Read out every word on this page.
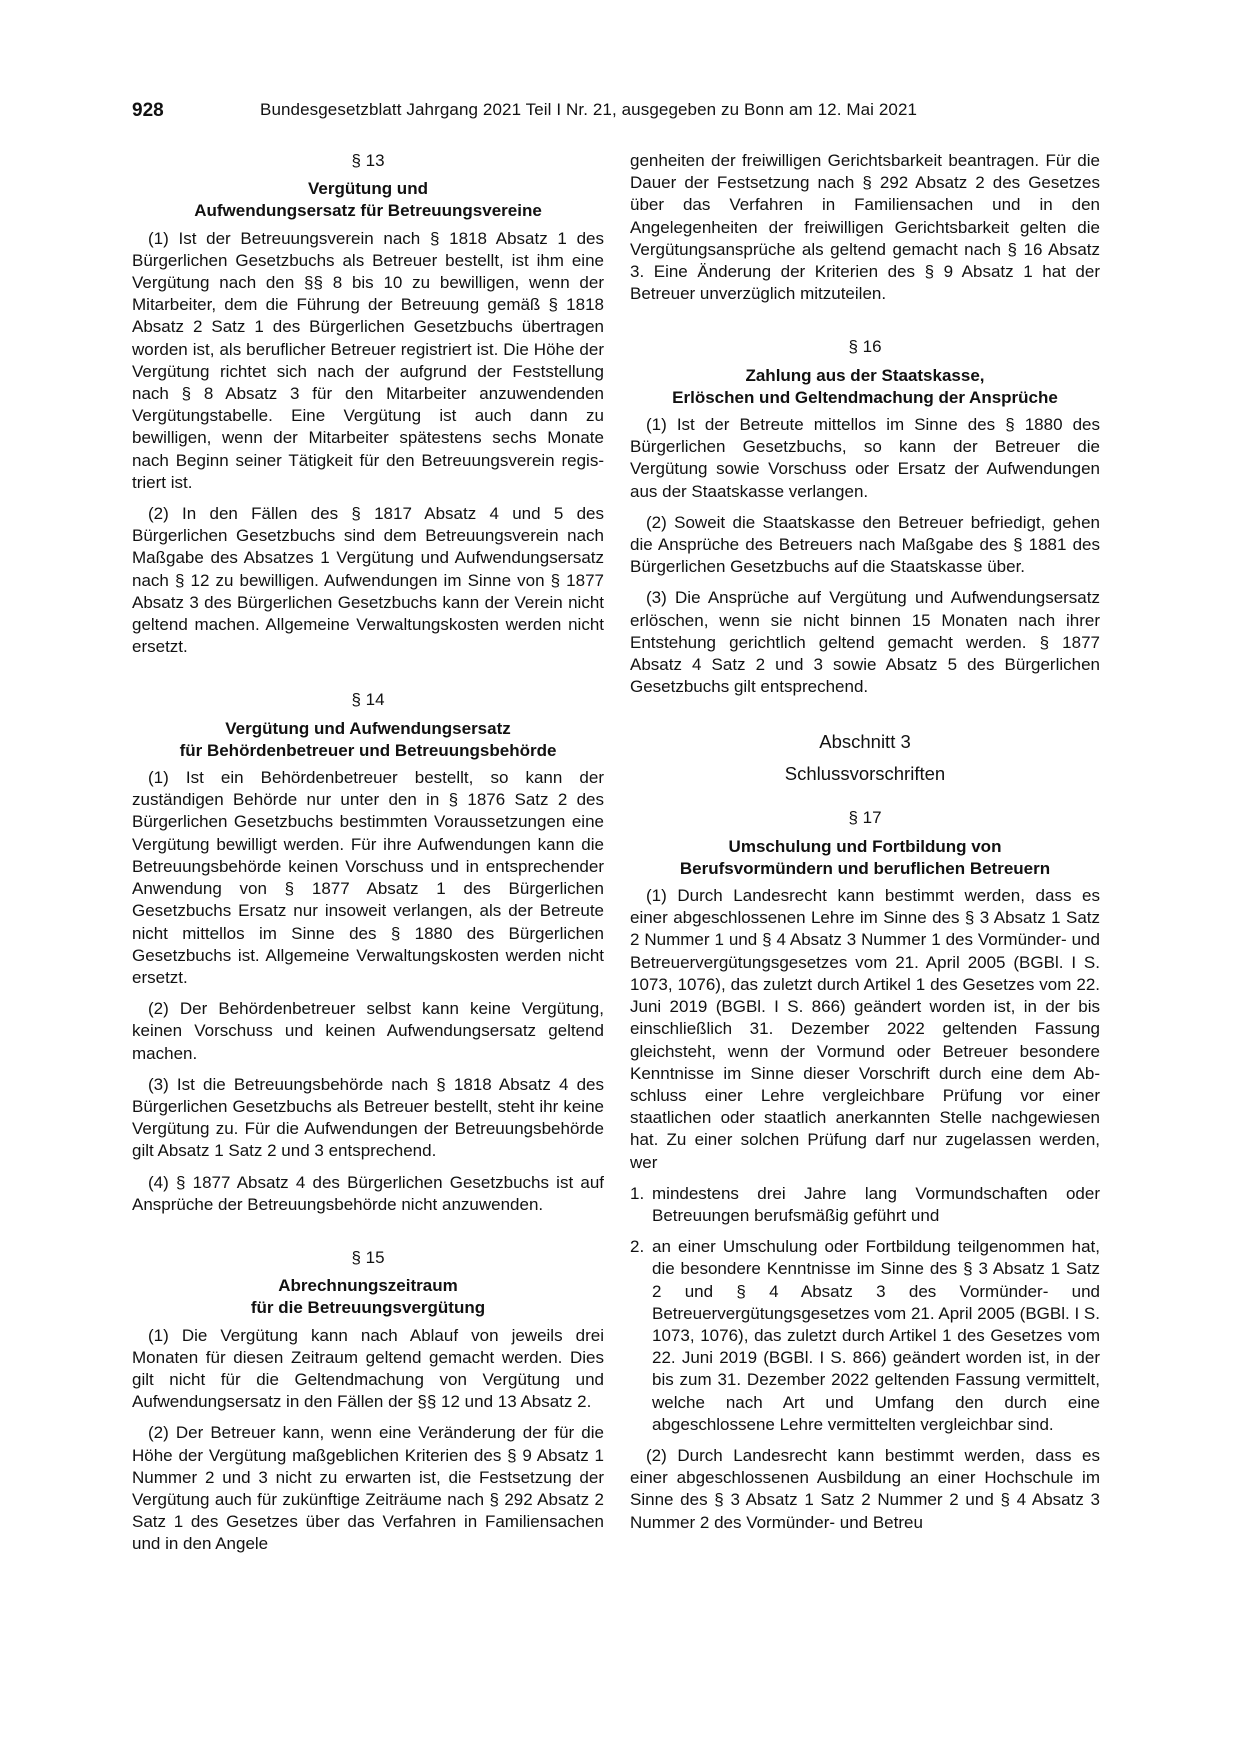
928	Bundesgesetzblatt Jahrgang 2021 Teil I Nr. 21, ausgegeben zu Bonn am 12. Mai 2021
§ 13
Vergütung und
Aufwendungsersatz für Betreuungsvereine

(1) Ist der Betreuungsverein nach § 1818 Absatz 1 des Bürgerlichen Gesetzbuchs als Betreuer bestellt, ist ihm eine Vergütung nach den §§ 8 bis 10 zu bewilligen, wenn der Mitarbeiter, dem die Führung der Betreuung gemäß § 1818 Absatz 2 Satz 1 des Bürgerlichen Gesetzbuchs übertragen worden ist, als beruflicher Betreuer registriert ist. Die Höhe der Vergütung richtet sich nach der aufgrund der Feststellung nach § 8 Absatz 3 für den Mitarbeiter anzuwendenden Vergütungstabelle. Eine Vergütung ist auch dann zu bewilligen, wenn der Mitarbeiter spätestens sechs Monate nach Beginn seiner Tätigkeit für den Betreuungsverein registriert ist.

(2) In den Fällen des § 1817 Absatz 4 und 5 des Bürgerlichen Gesetzbuchs sind dem Betreuungsverein nach Maßgabe des Absatzes 1 Vergütung und Aufwendungsersatz nach § 12 zu bewilligen. Aufwendungen im Sinne von § 1877 Absatz 3 des Bürgerlichen Gesetzbuchs kann der Verein nicht geltend machen. Allgemeine Verwaltungskosten werden nicht ersetzt.

§ 14
Vergütung und Aufwendungsersatz
für Behördenbetreuer und Betreuungsbehörde

(1) Ist ein Behördenbetreuer bestellt, so kann der zuständigen Behörde nur unter den in § 1876 Satz 2 des Bürgerlichen Gesetzbuchs bestimmten Voraussetzungen eine Vergütung bewilligt werden. Für ihre Aufwendungen kann die Betreuungsbehörde keinen Vorschuss und in entsprechender Anwendung von § 1877 Absatz 1 des Bürgerlichen Gesetzbuchs Ersatz nur insoweit verlangen, als der Betreute nicht mittellos im Sinne des § 1880 des Bürgerlichen Gesetzbuchs ist. Allgemeine Verwaltungskosten werden nicht ersetzt.

(2) Der Behördenbetreuer selbst kann keine Vergütung, keinen Vorschuss und keinen Aufwendungsersatz geltend machen.

(3) Ist die Betreuungsbehörde nach § 1818 Absatz 4 des Bürgerlichen Gesetzbuchs als Betreuer bestellt, steht ihr keine Vergütung zu. Für die Aufwendungen der Betreuungsbehörde gilt Absatz 1 Satz 2 und 3 entsprechend.

(4) § 1877 Absatz 4 des Bürgerlichen Gesetzbuchs ist auf Ansprüche der Betreuungsbehörde nicht anzuwenden.

§ 15
Abrechnungszeitraum
für die Betreuungsvergütung

(1) Die Vergütung kann nach Ablauf von jeweils drei Monaten für diesen Zeitraum geltend gemacht werden. Dies gilt nicht für die Geltendmachung von Vergütung und Aufwendungsersatz in den Fällen der §§ 12 und 13 Absatz 2.

(2) Der Betreuer kann, wenn eine Veränderung der für die Höhe der Vergütung maßgeblichen Kriterien des § 9 Absatz 1 Nummer 2 und 3 nicht zu erwarten ist, die Festsetzung der Vergütung auch für zukünftige Zeiträume nach § 292 Absatz 2 Satz 1 des Gesetzes über das Verfahren in Familiensachen und in den Angele

genheiten der freiwilligen Gerichtsbarkeit beantragen. Für die Dauer der Festsetzung nach § 292 Absatz 2 des Gesetzes über das Verfahren in Familiensachen und in den Angelegenheiten der freiwilligen Gerichtsbarkeit gelten die Vergütungsansprüche als geltend gemacht nach § 16 Absatz 3. Eine Änderung der Kriterien des § 9 Absatz 1 hat der Betreuer unverzüglich mitzuteilen.

§ 16
Zahlung aus der Staatskasse,
Erlöschen und Geltendmachung der Ansprüche

(1) Ist der Betreute mittellos im Sinne des § 1880 des Bürgerlichen Gesetzbuchs, so kann der Betreuer die Vergütung sowie Vorschuss oder Ersatz der Aufwendungen aus der Staatskasse verlangen.

(2) Soweit die Staatskasse den Betreuer befriedigt, gehen die Ansprüche des Betreuers nach Maßgabe des § 1881 des Bürgerlichen Gesetzbuchs auf die Staatskasse über.

(3) Die Ansprüche auf Vergütung und Aufwendungsersatz erlöschen, wenn sie nicht binnen 15 Monaten nach ihrer Entstehung gerichtlich geltend gemacht werden. § 1877 Absatz 4 Satz 2 und 3 sowie Absatz 5 des Bürgerlichen Gesetzbuchs gilt entsprechend.

Abschnitt 3
Schlussvorschriften
§ 17
Umschulung und Fortbildung von
Berufsvormündern und beruflichen Betreuern

(1) Durch Landesrecht kann bestimmt werden, dass es einer abgeschlossenen Lehre im Sinne des § 3 Absatz 1 Satz 2 Nummer 1 und § 4 Absatz 3 Nummer 1 des Vormünder- und Betreuervergütungsgesetzes vom 21. April 2005 (BGBl. I S. 1073, 1076), das zuletzt durch Artikel 1 des Gesetzes vom 22. Juni 2019 (BGBl. I S. 866) geändert worden ist, in der bis einschließlich 31. Dezember 2022 geltenden Fassung gleichsteht, wenn der Vormund oder Betreuer besondere Kenntnisse im Sinne dieser Vorschrift durch eine dem Abschluss einer Lehre vergleichbare Prüfung vor einer staatlichen oder staatlich anerkannten Stelle nachgewiesen hat. Zu einer solchen Prüfung darf nur zugelassen werden, wer

1. mindestens drei Jahre lang Vormundschaften oder Betreuungen berufsmäßig geführt und
2. an einer Umschulung oder Fortbildung teilgenommen hat, die besondere Kenntnisse im Sinne des § 3 Absatz 1 Satz 2 und § 4 Absatz 3 des Vormünder- und Betreuervergütungsgesetzes vom 21. April 2005 (BGBl. I S. 1073, 1076), das zuletzt durch Artikel 1 des Gesetzes vom 22. Juni 2019 (BGBl. I S. 866) geändert worden ist, in der bis zum 31. Dezember 2022 geltenden Fassung vermittelt, welche nach Art und Umfang den durch eine abgeschlossene Lehre vermittelten vergleichbar sind.

(2) Durch Landesrecht kann bestimmt werden, dass es einer abgeschlossenen Ausbildung an einer Hochschule im Sinne des § 3 Absatz 1 Satz 2 Nummer 2 und § 4 Absatz 3 Nummer 2 des Vormünder- und Betreu
